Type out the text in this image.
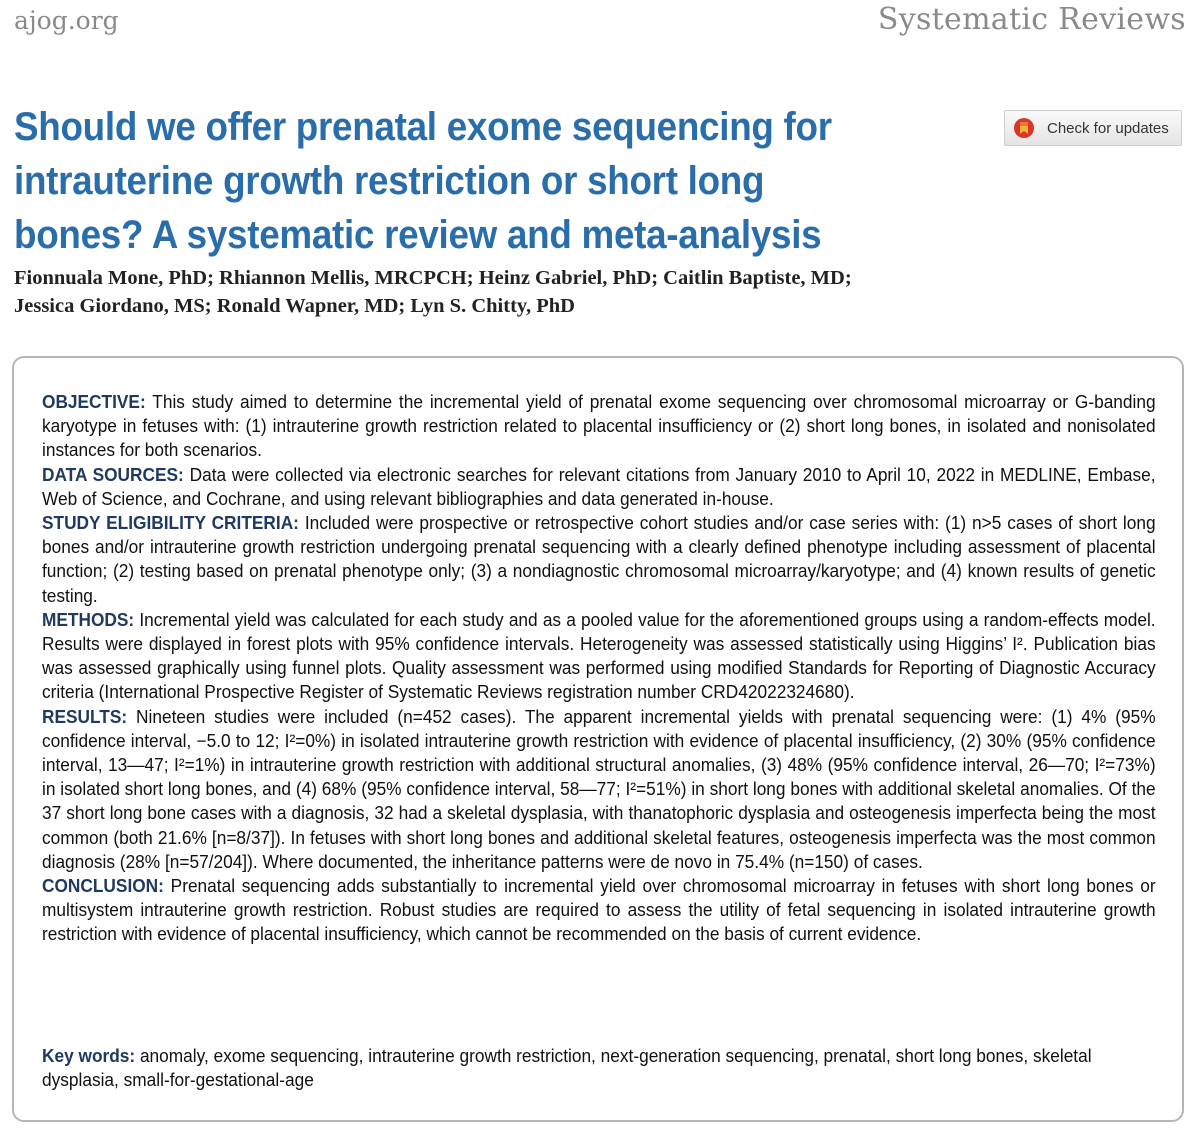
ajog.org	Systematic Reviews
Should we offer prenatal exome sequencing for intrauterine growth restriction or short long bones? A systematic review and meta-analysis
Check for updates
Fionnuala Mone, PhD; Rhiannon Mellis, MRCPCH; Heinz Gabriel, PhD; Caitlin Baptiste, MD;
Jessica Giordano, MS; Ronald Wapner, MD; Lyn S. Chitty, PhD

OBJECTIVE: This study aimed to determine the incremental yield of prenatal exome sequencing over chromosomal microarray or G-banding karyotype in fetuses with: (1) intrauterine growth restriction related to placental insufficiency or (2) short long bones, in isolated and nonisolated instances for both scenarios.

DATA SOURCES: Data were collected via electronic searches for relevant citations from January 2010 to April 10, 2022 in MEDLINE, Embase, Web of Science, and Cochrane, and using relevant bibliographies and data generated in-house.

STUDY ELIGIBILITY CRITERIA: Included were prospective or retrospective cohort studies and/or case series with: (1) n>5 cases of short long bones and/or intrauterine growth restriction undergoing prenatal sequencing with a clearly defined phenotype including assessment of placental function; (2) testing based on prenatal phenotype only; (3) a nondiagnostic chromosomal microarray/karyotype; and (4) known results of genetic testing.

METHODS: Incremental yield was calculated for each study and as a pooled value for the aforementioned groups using a random-effects model. Results were displayed in forest plots with 95% confidence intervals. Heterogeneity was assessed statistically using Higgins’ I². Publication bias was assessed graphically using funnel plots. Quality assessment was performed using modified Standards for Reporting of Diagnostic Accuracy criteria (International Prospective Register of Systematic Reviews registration number CRD42022324680).

RESULTS: Nineteen studies were included (n=452 cases). The apparent incremental yields with prenatal sequencing were: (1) 4% (95% confidence interval, −5.0 to 12; I²=0%) in isolated intrauterine growth restriction with evidence of placental insufficiency, (2) 30% (95% confidence interval, 13—47; I²=1%) in intrauterine growth restriction with additional structural anomalies, (3) 48% (95% confidence interval, 26—70; I²=73%) in isolated short long bones, and (4) 68% (95% confidence interval, 58—77; I²=51%) in short long bones with additional skeletal anomalies. Of the 37 short long bone cases with a diagnosis, 32 had a skeletal dysplasia, with thanatophoric dysplasia and osteogenesis imperfecta being the most common (both 21.6% [n=8/37]). In fetuses with short long bones and additional skeletal features, osteogenesis imperfecta was the most common diagnosis (28% [n=57/204]). Where documented, the inheritance patterns were de novo in 75.4% (n=150) of cases.

CONCLUSION: Prenatal sequencing adds substantially to incremental yield over chromosomal microarray in fetuses with short long bones or multisystem intrauterine growth restriction. Robust studies are required to assess the utility of fetal sequencing in isolated intrauterine growth restriction with evidence of placental insufficiency, which cannot be recommended on the basis of current evidence.

Key words: anomaly, exome sequencing, intrauterine growth restriction, next-generation sequencing, prenatal, short long bones, skeletal dysplasia, small-for-gestational-age
